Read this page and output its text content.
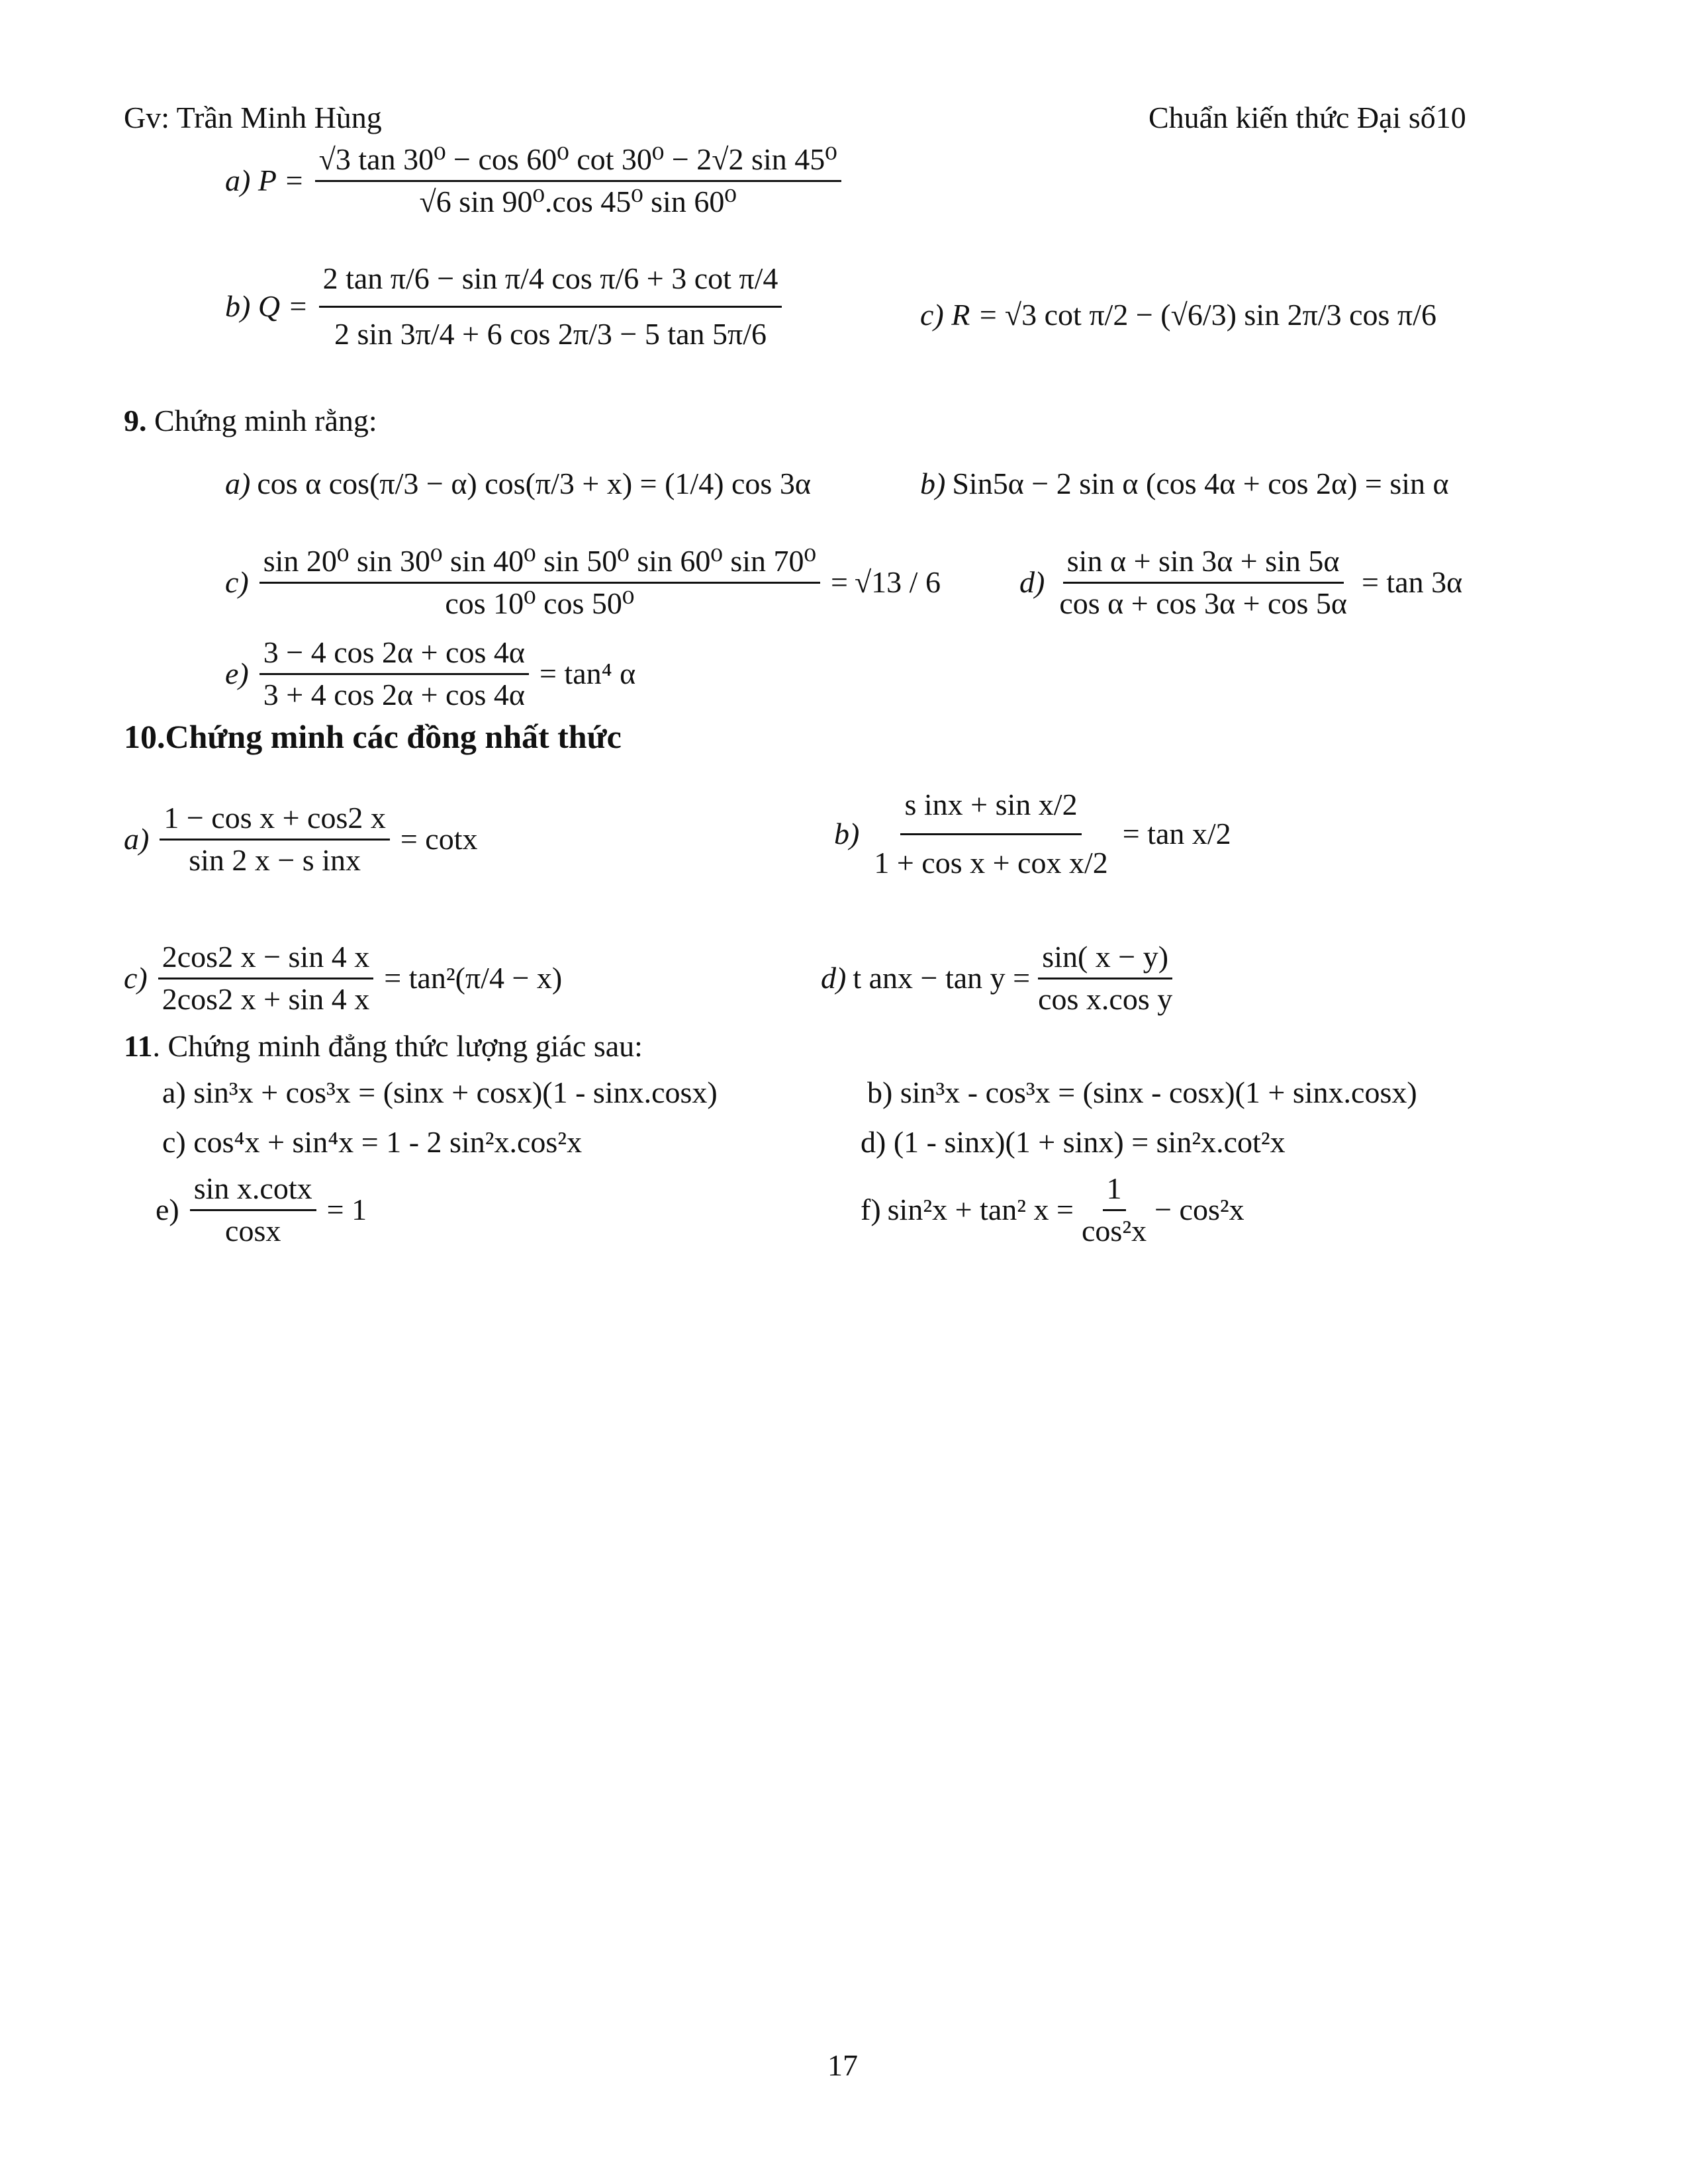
Gv: Trần Minh Hùng	Chuẩn kiến thức Đại số10
a) $P = \frac{\text{√3 tan 30⁰ − cos 60⁰ cot 30⁰ − 2√2 sin 45⁰}}{\text{√6 sin 90⁰.cos 45⁰ sin 60⁰}}$
b) $Q = \frac{\text{2 tan π/6 − sin π/4 cos π/6 + 3 cot π/4}}{2 \sin 3\pi/4 + 6 \cos 2\pi/3 - 5 \tan 5\pi/6}$	c) R = √3 cot π/2 − (√6/3) sin 2π/3 cos π/6
9. Chứng minh rằng:
a) cos α cos(π/3 − α) cos(π/3 + x) = (1/4) cos 3α	b) Sin5α − 2 sin α (cos 4α + cos 2α) = sin α
$c) \frac{\text{sin 20⁰ sin 30⁰ sin 40⁰ sin 50⁰ sin 60⁰ sin 70⁰}}{\text{cos 10⁰ cos 50⁰}} = √13 / 6$	$d) \frac{\text{sin α + sin 3α + sin 5α}}{\text{cos α + cos 3α + cos 5α}} = \tan 3\alpha$
$e) \frac{3 - 4 \cos 2\alpha + \cos 4\alpha}{3 + 4 \cos 2\alpha + \cos 4\alpha} = \tan^4$ α
10.Chứng minh các đồng nhất thức
$a) \frac{\text{1 − cos x + cos2 x}}{\text{sin 2 x − s inx}} = \cot x$	$b) \frac{\text{s inx + sin x/2}}{\text{1 + cos x + cox x/2}} = \tan x/2$
$c) \frac{2\cos 2 x - \sin 4 x}{2\cos 2 x + \sin 4 x} = \tan^2(\pi/4 - x)$	d) t anx − $\tan y = \frac{\sin( x - y)}{\text{cos x.cos y}}$
11. Chứng minh đẳng thức lượng giác sau:
a) sin³x + cos³x = (sinx + cosx)(1 - sinx.cosx)	b) sin³x - cos³x = (sinx - cosx)(1 + sinx.cosx)
c) cos⁴x + sin⁴x = 1 - 2 sin²x.cos²x	d) (1 - sinx)(1 + sinx) = sin²x.cot²x
$e) \frac{\text{sin x.cotx}}{\cos x} = 1$	f) sin²x + tan² $x = \frac{1}{\text{cos²x}} - \cos^2x$
17
